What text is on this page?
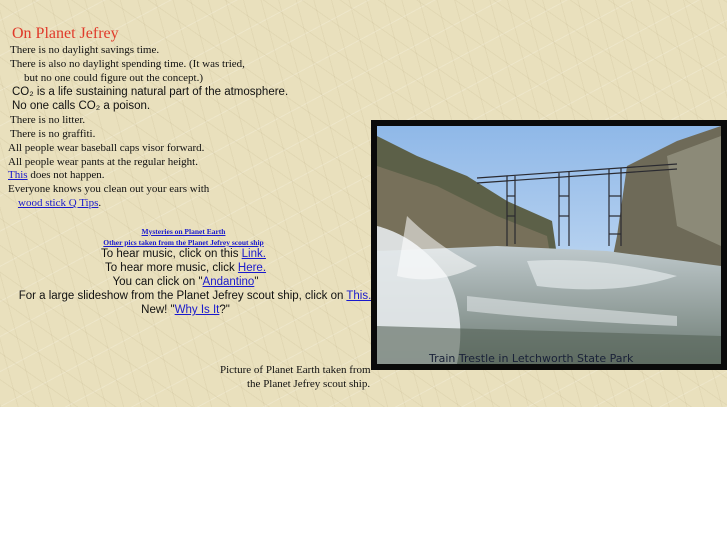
On Planet Jefrey
There is no daylight savings time.
There is also no daylight spending time. (It was tried,
but no one could figure out the concept.)
CO₂ is a life sustaining natural part of the atmosphere.
No one calls CO₂ a poison.
There is no litter.
There is no graffiti.
All people wear baseball caps visor forward.
All people wear pants at the regular height.
This does not happen.
Everyone knows you clean out your ears with
wood stick Q Tips.
Mysteries on Planet Earth
Other pics taken from the Planet Jefrey scout ship
To hear music, click on this Link.
To hear more music, click Here.
You can click on "Andantino"
For a large slideshow from the Planet Jefrey scout ship, click on This.
New! "Why Is It?"
Picture of Planet Earth taken from
the Planet Jefrey scout ship.
Train Trestle in Letchworth State Park
